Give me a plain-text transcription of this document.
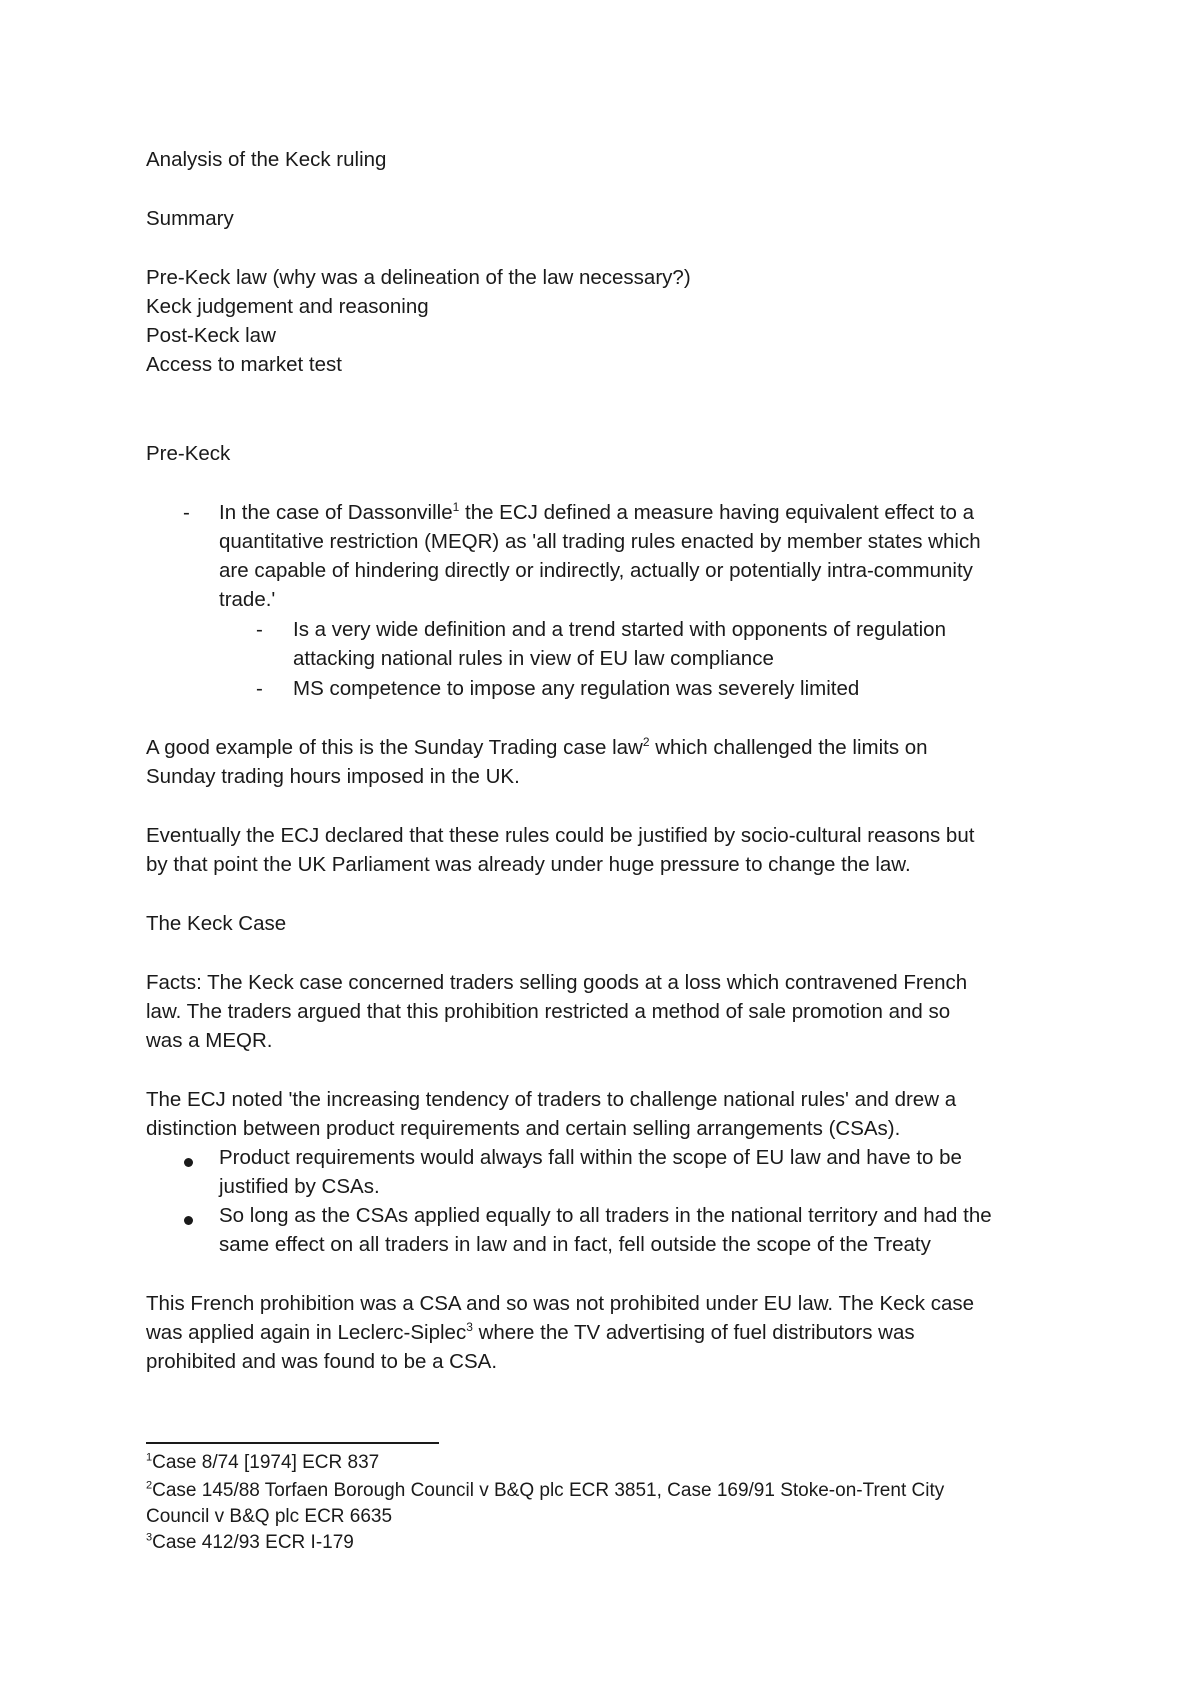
Analysis of the Keck ruling

Summary

Pre-Keck law (why was a delineation of the law necessary?)

Keck judgement and reasoning

Post-Keck law

Access to market test

Pre-Keck

- In the case of Dassonville$^1$ the ECJ defined a measure having equivalent effect to a

quantitative restriction (MEQR) as 'all trading rules enacted by member states which

are capable of hindering directly or indirectly, actually or potentially intra-community

trade.'

- Is a very wide definition and a trend started with opponents of regulation

attacking national rules in view of EU law compliance

- MS competence to impose any regulation was severely limited

A good example of this is the Sunday Trading case law$^2$ which challenged the limits on

Sunday trading hours imposed in the UK.

Eventually the ECJ declared that these rules could be justified by socio-cultural reasons but

by that point the UK Parliament was already under huge pressure to change the law.

The Keck Case

Facts: The Keck case concerned traders selling goods at a loss which contravened French

law. The traders argued that this prohibition restricted a method of sale promotion and so

was a MEQR.

The ECJ noted 'the increasing tendency of traders to challenge national rules' and drew a

distinction between product requirements and certain selling arrangements (CSAs).

Product requirements would always fall within the scope of EU law and have to be

justified by CSAs.

So long as the CSAs applied equally to all traders in the national territory and had the

same effect on all traders in law and in fact, fell outside the scope of the Treaty

This French prohibition was a CSA and so was not prohibited under EU law. The Keck case

was applied again in Leclerc-Siplec$^3$ where the TV advertising of fuel distributors was

prohibited and was found to be a CSA.

$^1$Case 8/74 [1974] ECR 837

$^2$Case 145/88 Torfaen Borough Council v B&Q plc ECR 3851, Case 169/91 Stoke-on-Trent City

Council v B&Q plc ECR 6635

$^3$Case 412/93 ECR I-179
